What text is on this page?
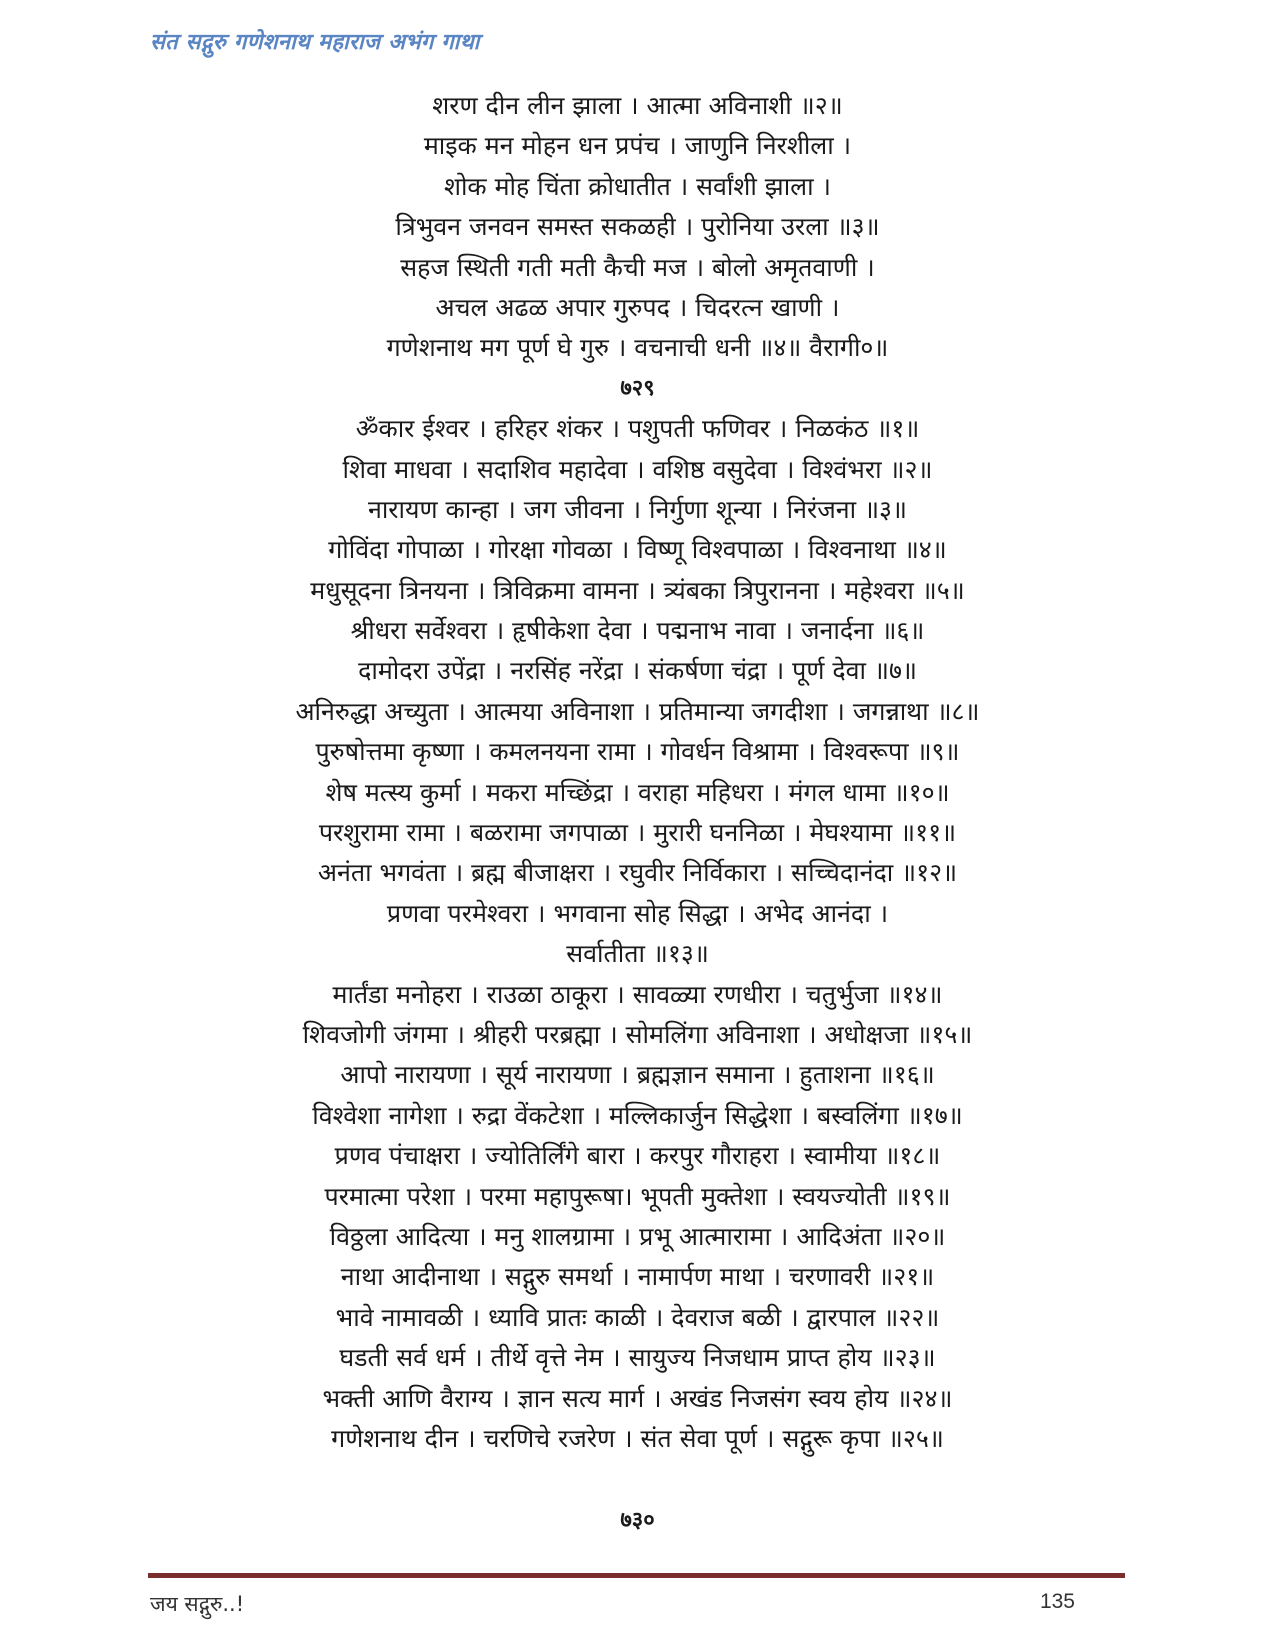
संत सद्गुरु गणेशनाथ महाराज अभंग गाथा
शरण दीन लीन झाला । आत्मा अविनाशी ॥२॥
माइक मन मोहन धन प्रपंच । जाणुनि निरशीला ।
शोक मोह चिंता क्रोधातीत । सर्वांशी झाला ।
त्रिभुवन जनवन समस्त सकळही । पुरोनिया उरला ॥३॥
सहज स्थिती गती मती कैची मज । बोलो अमृतवाणी ।
अचल अढळ अपार गुरुपद । चिदरत्न खाणी ।
गणेशनाथ मग पूर्ण घे गुरु । वचनाची धनी ॥४॥ वैरागी०॥
७२९
ॐकार ईश्वर । हरिहर शंकर । पशुपती फणिवर । निळकंठ ॥१॥
शिवा माधवा । सदाशिव महादेवा । वशिष्ठ वसुदेवा । विश्वंभरा ॥२॥
नारायण कान्हा । जग जीवना । निर्गुणा शून्या । निरंजना ॥३॥
गोविंदा गोपाळा । गोरक्षा गोवळा । विष्णू विश्वपाळा । विश्वनाथा ॥४॥
मधुसूदना त्रिनयना । त्रिविक्रमा वामना । त्र्यंबका त्रिपुरानना । महेश्वरा ॥५॥
श्रीधरा सर्वेश्वरा । हृषीकेशा देवा । पद्मनाभ नावा । जनार्दना ॥६॥
दामोदरा उपेंद्रा । नरसिंह नरेंद्रा । संकर्षणा चंद्रा । पूर्ण देवा ॥७॥
अनिरुद्धा अच्युता । आत्मया अविनाशा । प्रतिमान्या जगदीशा । जगन्नाथा ॥८॥
पुरुषोत्तमा कृष्णा । कमलनयना रामा । गोवर्धन विश्रामा । विश्वरूपा ॥९॥
शेष मत्स्य कुर्मा । मकरा मच्छिंद्रा । वराहा महिधरा । मंगल धामा ॥१०॥
परशुरामा रामा । बळरामा जगपाळा । मुरारी घननिळा । मेघश्यामा ॥११॥
अनंता भगवंता । ब्रह्म बीजाक्षरा । रघुवीर निर्विकारा । सच्चिदानंदा ॥१२॥
प्रणवा परमेश्वरा । भगवाना सोह सिद्धा । अभेद आनंदा ।
सर्वातीता ॥१३॥
मार्तंडा मनोहरा । राउळा ठाकूरा । सावळ्या रणधीरा । चतुर्भुजा ॥१४॥
शिवजोगी जंगमा । श्रीहरी परब्रह्मा । सोमलिंगा अविनाशा । अधोक्षजा ॥१५॥
आपो नारायणा । सूर्य नारायणा । ब्रह्मज्ञान समाना । हुताशना ॥१६॥
विश्वेशा नागेशा । रुद्रा वेंकटेशा । मल्लिकार्जुन सिद्धेशा । बस्वलिंगा ॥१७॥
प्रणव पंचाक्षरा । ज्योतिर्लिंगे बारा । करपुर गौराहरा । स्वामीया ॥१८॥
परमात्मा परेशा । परमा महापुरूषा। भूपती मुक्तेशा । स्वयज्योती ॥१९॥
विठ्ठला आदित्या । मनु शालग्रामा । प्रभू आत्मारामा । आदिअंता ॥२०॥
नाथा आदीनाथा । सद्गुरु समर्था । नामार्पण माथा । चरणावरी ॥२१॥
भावे नामावळी । ध्यावि प्रातः काळी । देवराज बळी । द्वारपाल ॥२२॥
घडती सर्व धर्म । तीर्थे वृत्ते नेम । सायुज्य निजधाम प्राप्त होय ॥२३॥
भक्ती आणि वैराग्य । ज्ञान सत्य मार्ग । अखंड निजसंग स्वय होय ॥२४॥
गणेशनाथ दीन । चरणिचे रजरेण । संत सेवा पूर्ण । सद्गुरू कृपा ॥२५॥
७३०
जय सद्गुरु..!	135
